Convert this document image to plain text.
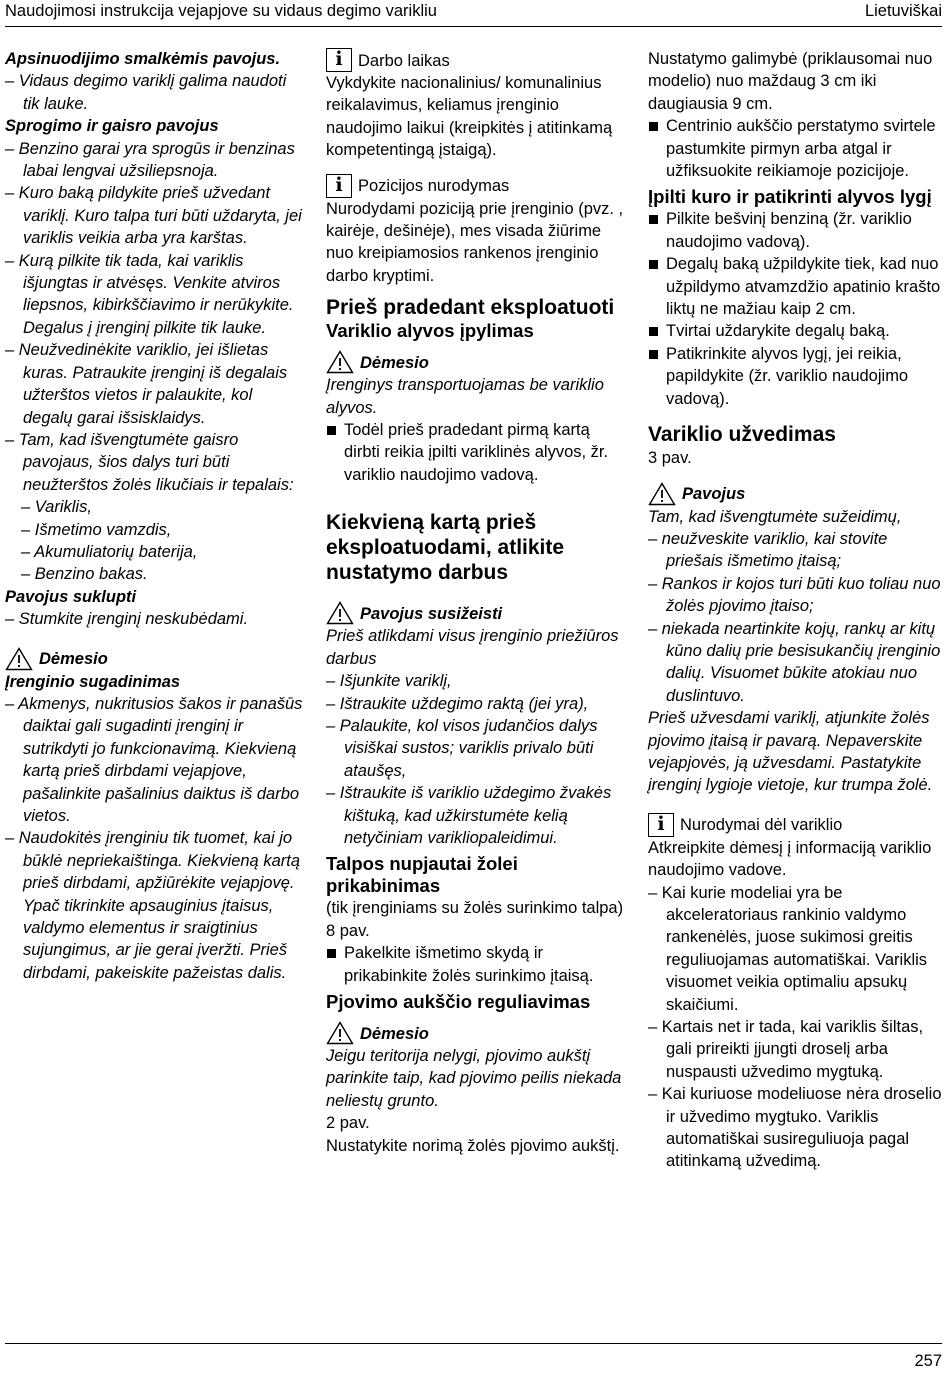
Naudojimosi instrukcija vejapjove su vidaus degimo varikliu	Lietuviškai
Apsinuodijimo smalkėmis pavojus.
– Vidaus degimo variklį galima naudoti tik lauke.
Sprogimo ir gaisro pavojus
– Benzino garai yra sprogūs ir benzinas labai lengvai užsiliepsnoja.
– Kuro baką pildykite prieš užvedant variklį. Kuro talpa turi būti uždaryta, jei variklis veikia arba yra karštas.
– Kurą pilkite tik tada, kai variklis išjungtas ir atvėsęs. Venkite atviros liepsnos, kibirkščiavimo ir nerūkykite. Degalus į įrenginį pilkite tik lauke.
– Neužvedinėkite variklio, jei išlietas kuras. Patraukite įrenginį iš degalais užterštos vietos ir palaukite, kol degalų garai išsisklaidys.
– Tam, kad išvengtumėte gaisro pavojaus, šios dalys turi būti neužterštos žolės likučiais ir tepalais:
– Variklis,
– Išmetimo vamzdis,
– Akumuliatorių baterija,
– Benzino bakas.
Pavojus suklupti
– Stumkite įrenginį neskubėdami.
Dėmesio
Įrenginio sugadinimas
– Akmenys, nukritusios šakos ir panašūs daiktai gali sugadinti įrenginį ir sutrikdyti jo funkcionavimą. Kiekvieną kartą prieš dirbdami vejapjove, pašalinkite pašalinius daiktus iš darbo vietos.
– Naudokitės įrenginiu tik tuomet, kai jo būklė nepriekaištinga. Kiekvieną kartą prieš dirbdami, apžiūrėkite vejapjovę. Ypač tikrinkite apsauginius įtaisus, valdymo elementus ir sraigtinius sujungimus, ar jie gerai įveržti. Prieš dirbdami, pakeiskite pažeistas dalis.
i Darbo laikas
Vykdykite nacionalinius/ komunalinius reikalavimus, keliamus įrenginio naudojimo laikui (kreipkitės į atitinkamą kompetentingą įstaigą).
i Pozicijos nurodymas
Nurodydami poziciją prie įrenginio (pvz. , kairėje, dešinėje), mes visada žiūrime nuo kreipiamosios rankenos įrenginio darbo kryptimi.
Prieš pradedant eksploatuoti
Variklio alyvos įpylimas
Dėmesio
Įrenginys transportuojamas be variklio alyvos.
Todėl prieš pradedant pirmą kartą dirbti reikia įpilti variklinės alyvos, žr. variklio naudojimo vadovą.
Kiekvieną kartą prieš eksploatuodami, atlikite nustatymo darbus
Pavojus susižeisti
Prieš atlikdami visus įrenginio priežiūros darbus
– Išjunkite variklį,
– Ištraukite uždegimo raktą (jei yra),
– Palaukite, kol visos judančios dalys visiškai sustos; variklis privalo būti ataušęs,
– Ištraukite iš variklio uždegimo žvakės kištuką, kad užkirstumėte kelią netyčiniam varikliopaleidimui.
Talpos nupjautai žolei prikabinimas
(tik įrenginiams su žolės surinkimo talpa)
8 pav.
Pakelkite išmetimo skydą ir prikabinkite žolės surinkimo įtaisą.
Pjovimo aukščio reguliavimas
Dėmesio
Jeigu teritorija nelygi, pjovimo aukštį parinkite taip, kad pjovimo peilis niekada neliestų grunto.
2 pav.
Nustatykite norimą žolės pjovimo aukštį.
Nustatymo galimybė (priklausomai nuo modelio) nuo maždaug 3 cm iki daugiausia 9 cm.
Centrinio aukščio perstatymo svirtele pastumkite pirmyn arba atgal ir užfiksuokite reikiamoje pozicijoje.
Įpilti kuro ir patikrinti alyvos lygį
Pilkite bešvinį benziną (žr. variklio naudojimo vadovą).
Degalų baką užpildykite tiek, kad nuo užpildymo atvamzdžio apatinio krašto liktų ne mažiau kaip 2 cm.
Tvirtai uždarykite degalų baką.
Patikrinkite alyvos lygį, jei reikia, papildykite (žr. variklio naudojimo vadovą).
Variklio užvedimas
3 pav.
Pavojus
Tam, kad išvengtumėte sužeidimų,
– neužveskite variklio, kai stovite priešais išmetimo įtaisą;
– Rankos ir kojos turi būti kuo toliau nuo žolės pjovimo įtaiso;
– niekada neartinkite kojų, rankų ar kitų kūno dalių prie besisukančių įrenginio dalių. Visuomet būkite atokiau nuo duslintuvo.
Prieš užvesdami variklį, atjunkite žolės pjovimo įtaisą ir pavarą. Nepaverskite vejapjovės, ją užvesdami. Pastatykite įrenginį lygioje vietoje, kur trumpa žolė.
i Nurodymai dėl variklio
Atkreipkite dėmesį į informaciją variklio naudojimo vadove.
– Kai kurie modeliai yra be akceleratoriaus rankinio valdymo rankenėlės, juose sukimosi greitis reguliuojamas automatiškai. Variklis visuomet veikia optimaliu apsukų skaičiumi.
– Kartais net ir tada, kai variklis šiltas, gali prireikti įjungti droselį arba nuspausti užvedimo mygtuką.
– Kai kuriuose modeliuose nėra droselio ir užvedimo mygtuko. Variklis automatiškai susireguliuoja pagal atitinkamą užvedimą.
257
